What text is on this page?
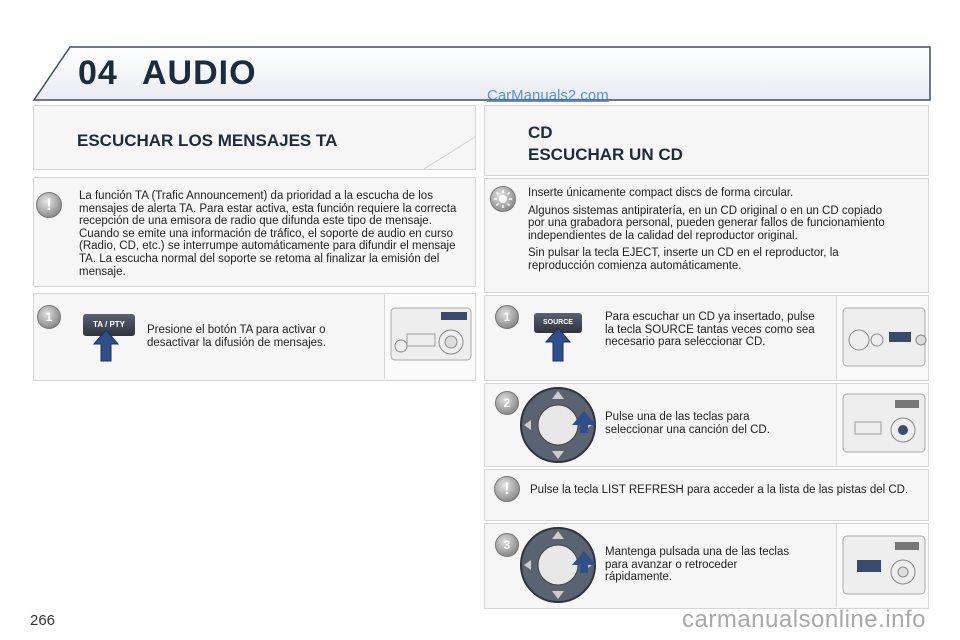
04 AUDIO
CarManuals2.com
ESCUCHAR LOS MENSAJES TA
!	La función TA (Trafic Announcement) da prioridad a la escucha de los mensajes de alerta TA. Para estar activa, esta función requiere la correcta recepción de una emisora de radio que difunda este tipo de mensaje. Cuando se emite una información de tráfico, el soporte de audio en curso (Radio, CD, etc.) se interrumpe automáticamente para difundir el mensaje TA. La escucha normal del soporte se retoma al finalizar la emisión del mensaje.
1
TA / PTY	Presione el botón TA para activar o desactivar la difusión de mensajes.
CD
ESCUCHAR UN CD

Inserte únicamente compact discs de forma circular.

Algunos sistemas antipiratería, en un CD original o en un CD copiado por una grabadora personal, pueden generar fallos de funcionamiento independientes de la calidad del reproductor original.

Sin pulsar la tecla EJECT, inserte un CD en el reproductor, la reproducción comienza automáticamente.

1	SOURCE	Para escuchar un CD ya insertado, pulse la tecla SOURCE tantas veces como sea necesario para seleccionar CD.
2
Pulse una de las teclas para seleccionar una canción del CD.
!	Pulse la tecla LIST REFRESH para acceder a la lista de las pistas del CD.
3	Mantenga pulsada una de las teclas para avanzar o retroceder rápidamente.
266	carmanualsonline.info
